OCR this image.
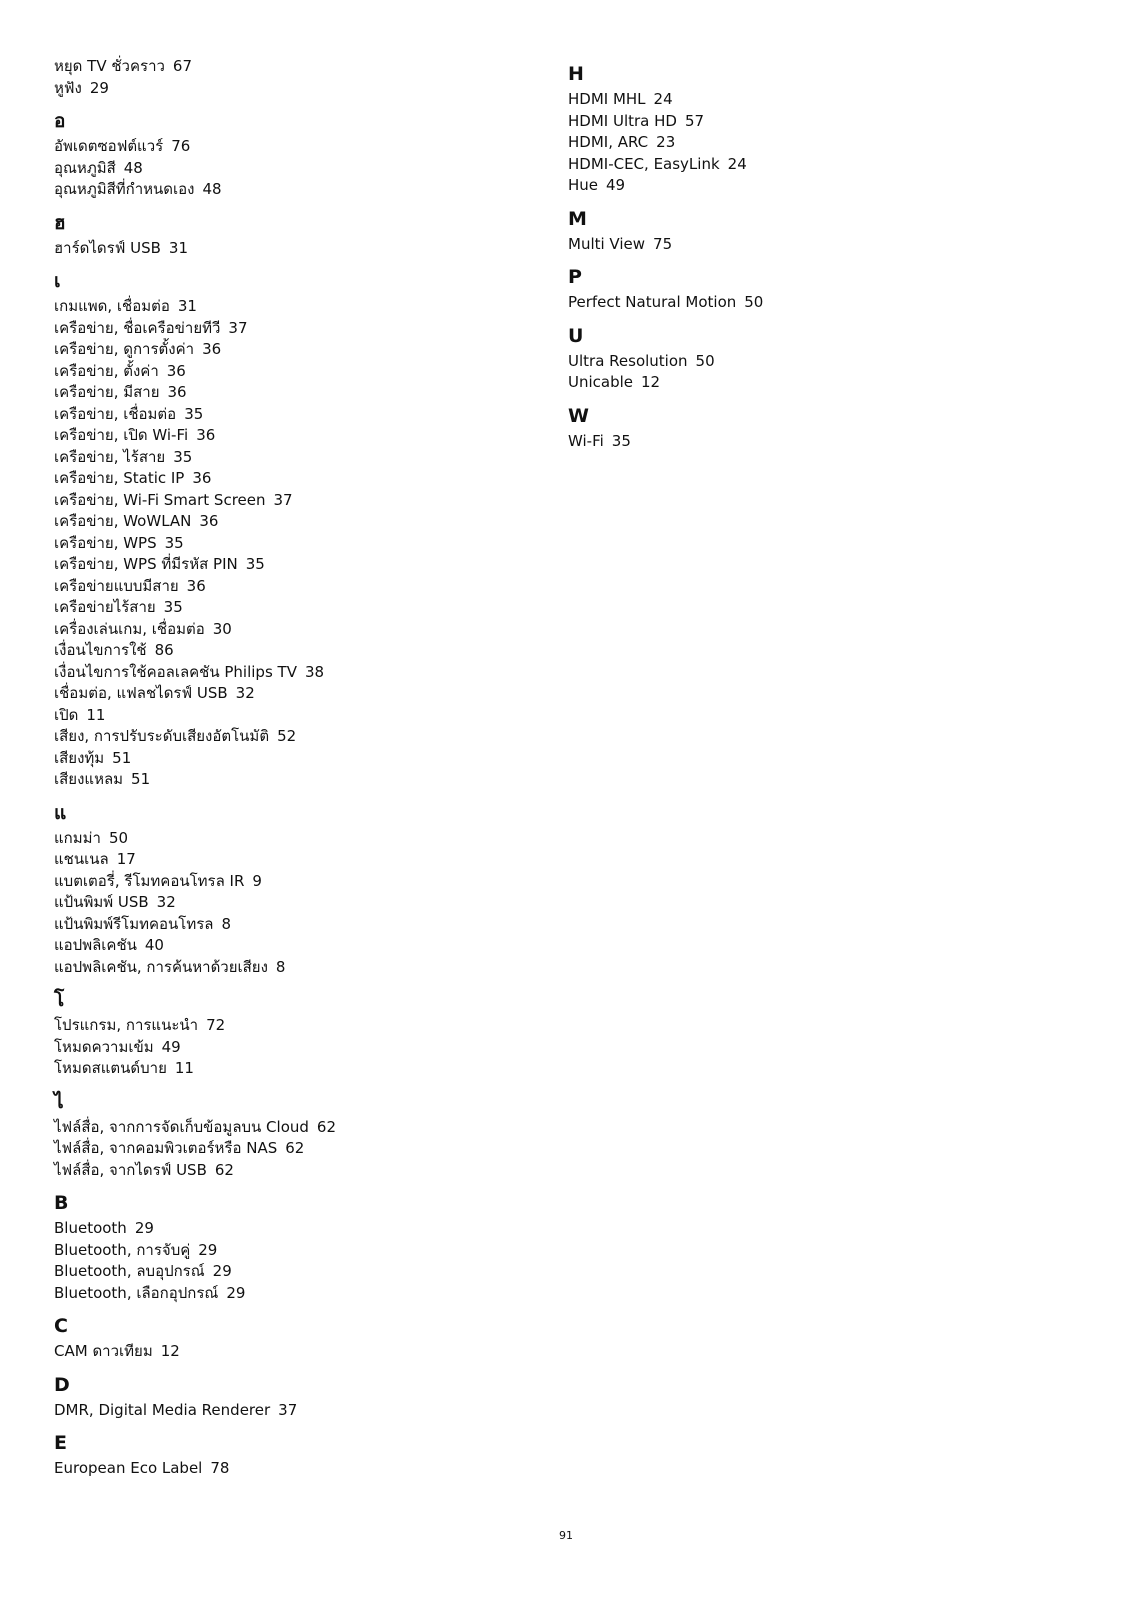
หยุด TV ชั่วคราว 67
หูฟัง 29
อ
อัพเดตซอฟต์แวร์ 76
อุณหภูมิสี 48
อุณหภูมิสีที่กำหนดเอง 48
ฮ
ฮาร์ดไดรฟ์ USB 31
เ
เกมแพด, เชื่อมต่อ 31
เครือข่าย, ชื่อเครือข่ายทีวี 37
เครือข่าย, ดูการตั้งค่า 36
เครือข่าย, ตั้งค่า 36
เครือข่าย, มีสาย 36
เครือข่าย, เชื่อมต่อ 35
เครือข่าย, เปิด Wi-Fi 36
เครือข่าย, ไร้สาย 35
เครือข่าย, Static IP 36
เครือข่าย, Wi-Fi Smart Screen 37
เครือข่าย, WoWLAN 36
เครือข่าย, WPS 35
เครือข่าย, WPS ที่มีรหัส PIN 35
เครือข่ายแบบมีสาย 36
เครือข่ายไร้สาย 35
เครื่องเล่นเกม, เชื่อมต่อ 30
เงื่อนไขการใช้ 86
เงื่อนไขการใช้คอลเลคชัน Philips TV 38
เชื่อมต่อ, แฟลชไดรฟ์ USB 32
เปิด 11
เสียง, การปรับระดับเสียงอัตโนมัติ 52
เสียงทุ้ม 51
เสียงแหลม 51
แ
แกมม่า 50
แชนเนล 17
แบตเตอรี่, รีโมทคอนโทรล IR 9
แป้นพิมพ์ USB 32
แป้นพิมพ์รีโมทคอนโทรล 8
แอปพลิเคชัน 40
แอปพลิเคชัน, การค้นหาด้วยเสียง 8
โ
โปรแกรม, การแนะนำ 72
โหมดความเข้ม 49
โหมดสแตนด์บาย 11
ไ
ไฟล์สื่อ, จากการจัดเก็บข้อมูลบน Cloud 62
ไฟล์สื่อ, จากคอมพิวเตอร์หรือ NAS 62
ไฟล์สื่อ, จากไดรฟ์ USB 62
B
Bluetooth 29
Bluetooth, การจับคู่ 29
Bluetooth, ลบอุปกรณ์ 29
Bluetooth, เลือกอุปกรณ์ 29
C
CAM ดาวเทียม 12
D
DMR, Digital Media Renderer 37
E
European Eco Label 78
H
HDMI MHL 24
HDMI Ultra HD 57
HDMI, ARC 23
HDMI-CEC, EasyLink 24
Hue 49
M
Multi View 75
P
Perfect Natural Motion 50
U
Ultra Resolution 50
Unicable 12
W
Wi-Fi 35
91
